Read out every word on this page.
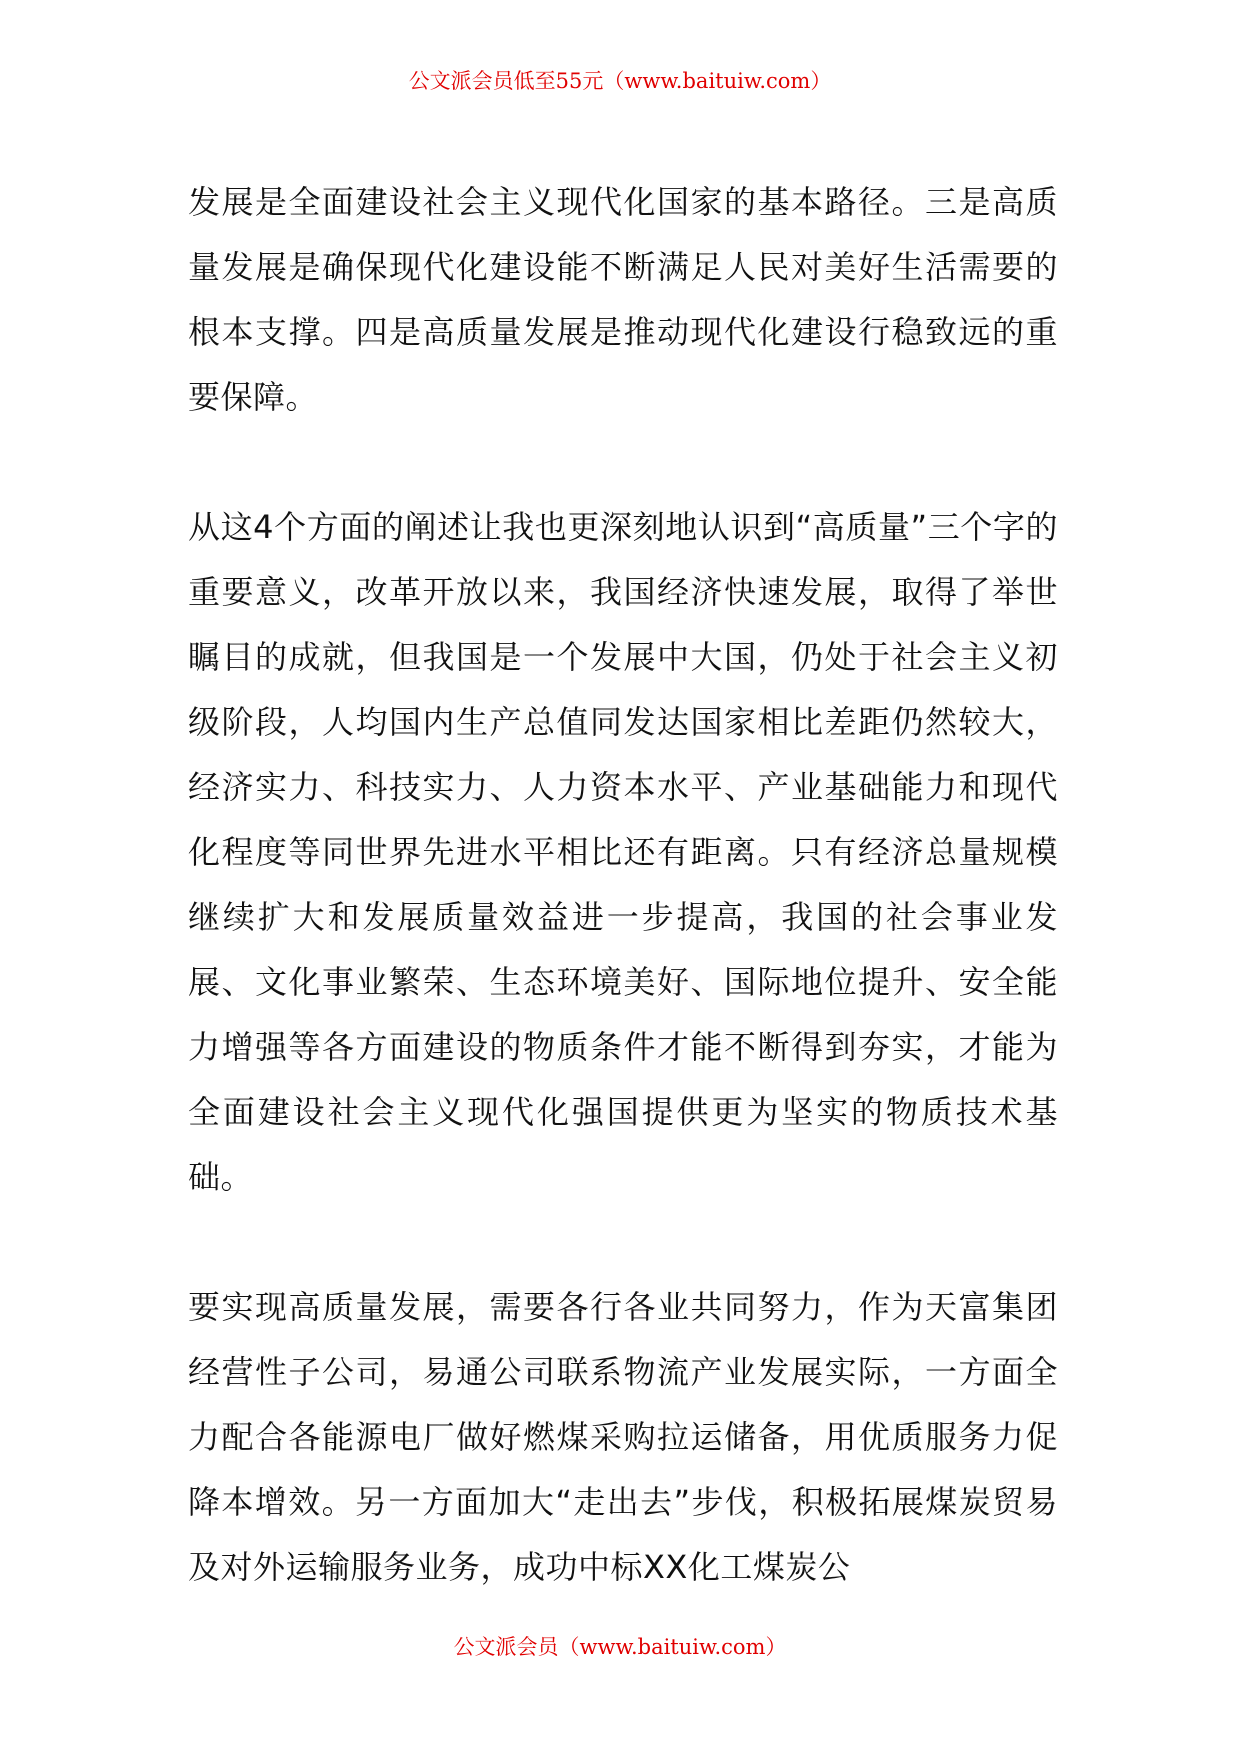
公文派会员低至55元（www.baituiw.com）

发展是全面建设社会主义现代化国家的基本路径。三是高质量发展是确保现代化建设能不断满足人民对美好生活需要的根本支撑。四是高质量发展是推动现代化建设行稳致远的重要保障。

从这4个方面的阐述让我也更深刻地认识到“高质量”三个字的重要意义，改革开放以来，我国经济快速发展，取得了举世瞩目的成就，但我国是一个发展中大国，仍处于社会主义初级阶段，人均国内生产总值同发达国家相比差距仍然较大，经济实力、科技实力、人力资本水平、产业基础能力和现代化程度等同世界先进水平相比还有距离。只有经济总量规模继续扩大和发展质量效益进一步提高，我国的社会事业发展、文化事业繁荣、生态环境美好、国际地位提升、安全能力增强等各方面建设的物质条件才能不断得到夯实，才能为全面建设社会主义现代化强国提供更为坚实的物质技术基础。

要实现高质量发展，需要各行各业共同努力，作为天富集团经营性子公司，易通公司联系物流产业发展实际，一方面全力配合各能源电厂做好燃煤采购拉运储备，用优质服务力促降本增效。另一方面加大“走出去”步伐，积极拓展煤炭贸易及对外运输服务业务，成功中标XX化工煤炭公

公文派会员（www.baituiw.com）
